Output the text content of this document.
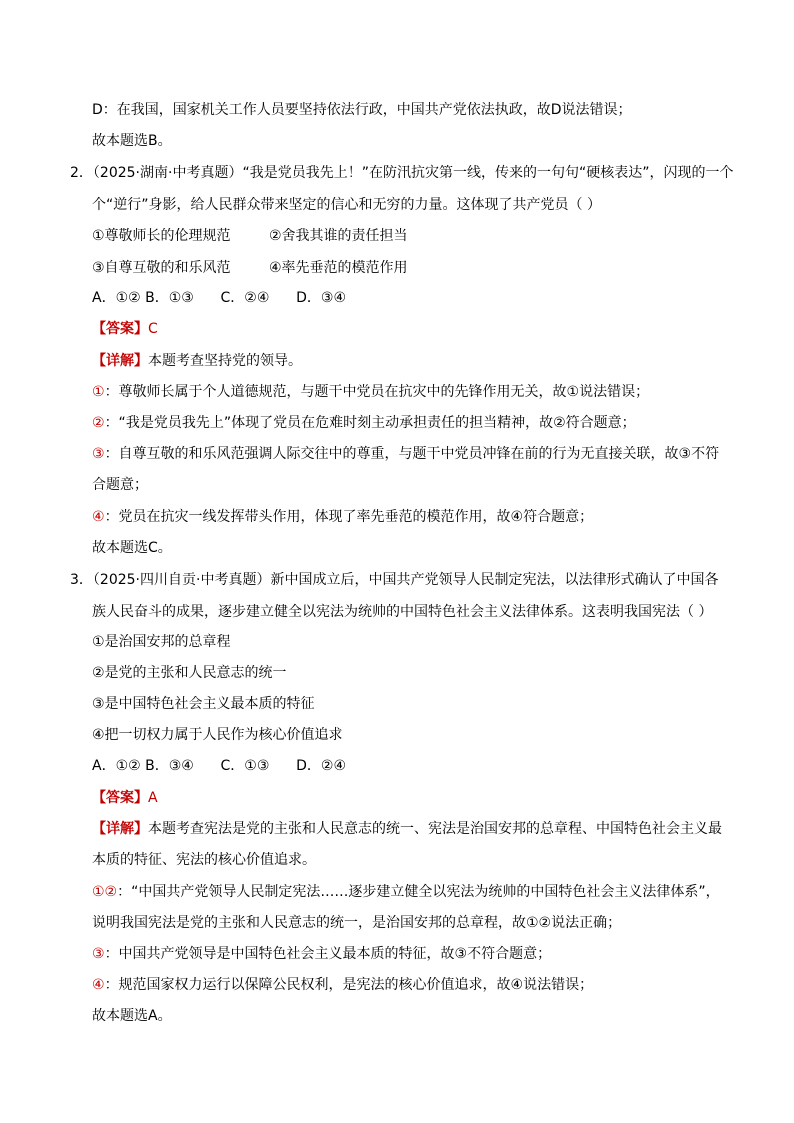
D：在我国，国家机关工作人员要坚持依法行政，中国共产党依法执政，故D说法错误；
故本题选B。
2．（2025·湖南·中考真题）“我是党员我先上！”在防汛抗灾第一线，传来的一句句“硬核表达”，闪现的一个
个“逆行”身影，给人民群众带来坚定的信心和无穷的力量。这体现了共产党员（ ）
①尊敬师长的伦理规范	②舍我其谁的责任担当
③自尊互敬的和乐风范	④率先垂范的模范作用
A．①② B．①③      C．②④      D．③④
【答案】C
【详解】本题考查坚持党的领导。
①：尊敬师长属于个人道德规范，与题干中党员在抗灾中的先锋作用无关，故①说法错误；
②：“我是党员我先上”体现了党员在危难时刻主动承担责任的担当精神，故②符合题意；
③：自尊互敬的和乐风范强调人际交往中的尊重，与题干中党员冲锋在前的行为无直接关联，故③不符
合题意；
④：党员在抗灾一线发挥带头作用，体现了率先垂范的模范作用，故④符合题意；
故本题选C。
3．（2025·四川自贡·中考真题）新中国成立后，中国共产党领导人民制定宪法，以法律形式确认了中国各
族人民奋斗的成果，逐步建立健全以宪法为统帅的中国特色社会主义法律体系。这表明我国宪法（ ）
①是治国安邦的总章程
②是党的主张和人民意志的统一
③是中国特色社会主义最本质的特征
④把一切权力属于人民作为核心价值追求
A．①② B．③④      C．①③      D．②④
【答案】A
【详解】本题考查宪法是党的主张和人民意志的统一、宪法是治国安邦的总章程、中国特色社会主义最
本质的特征、宪法的核心价值追求。
①②：“中国共产党领导人民制定宪法……逐步建立健全以宪法为统帅的中国特色社会主义法律体系”，
说明我国宪法是党的主张和人民意志的统一，是治国安邦的总章程，故①②说法正确；
③：中国共产党领导是中国特色社会主义最本质的特征，故③不符合题意；
④：规范国家权力运行以保障公民权利，是宪法的核心价值追求，故④说法错误；
故本题选A。
